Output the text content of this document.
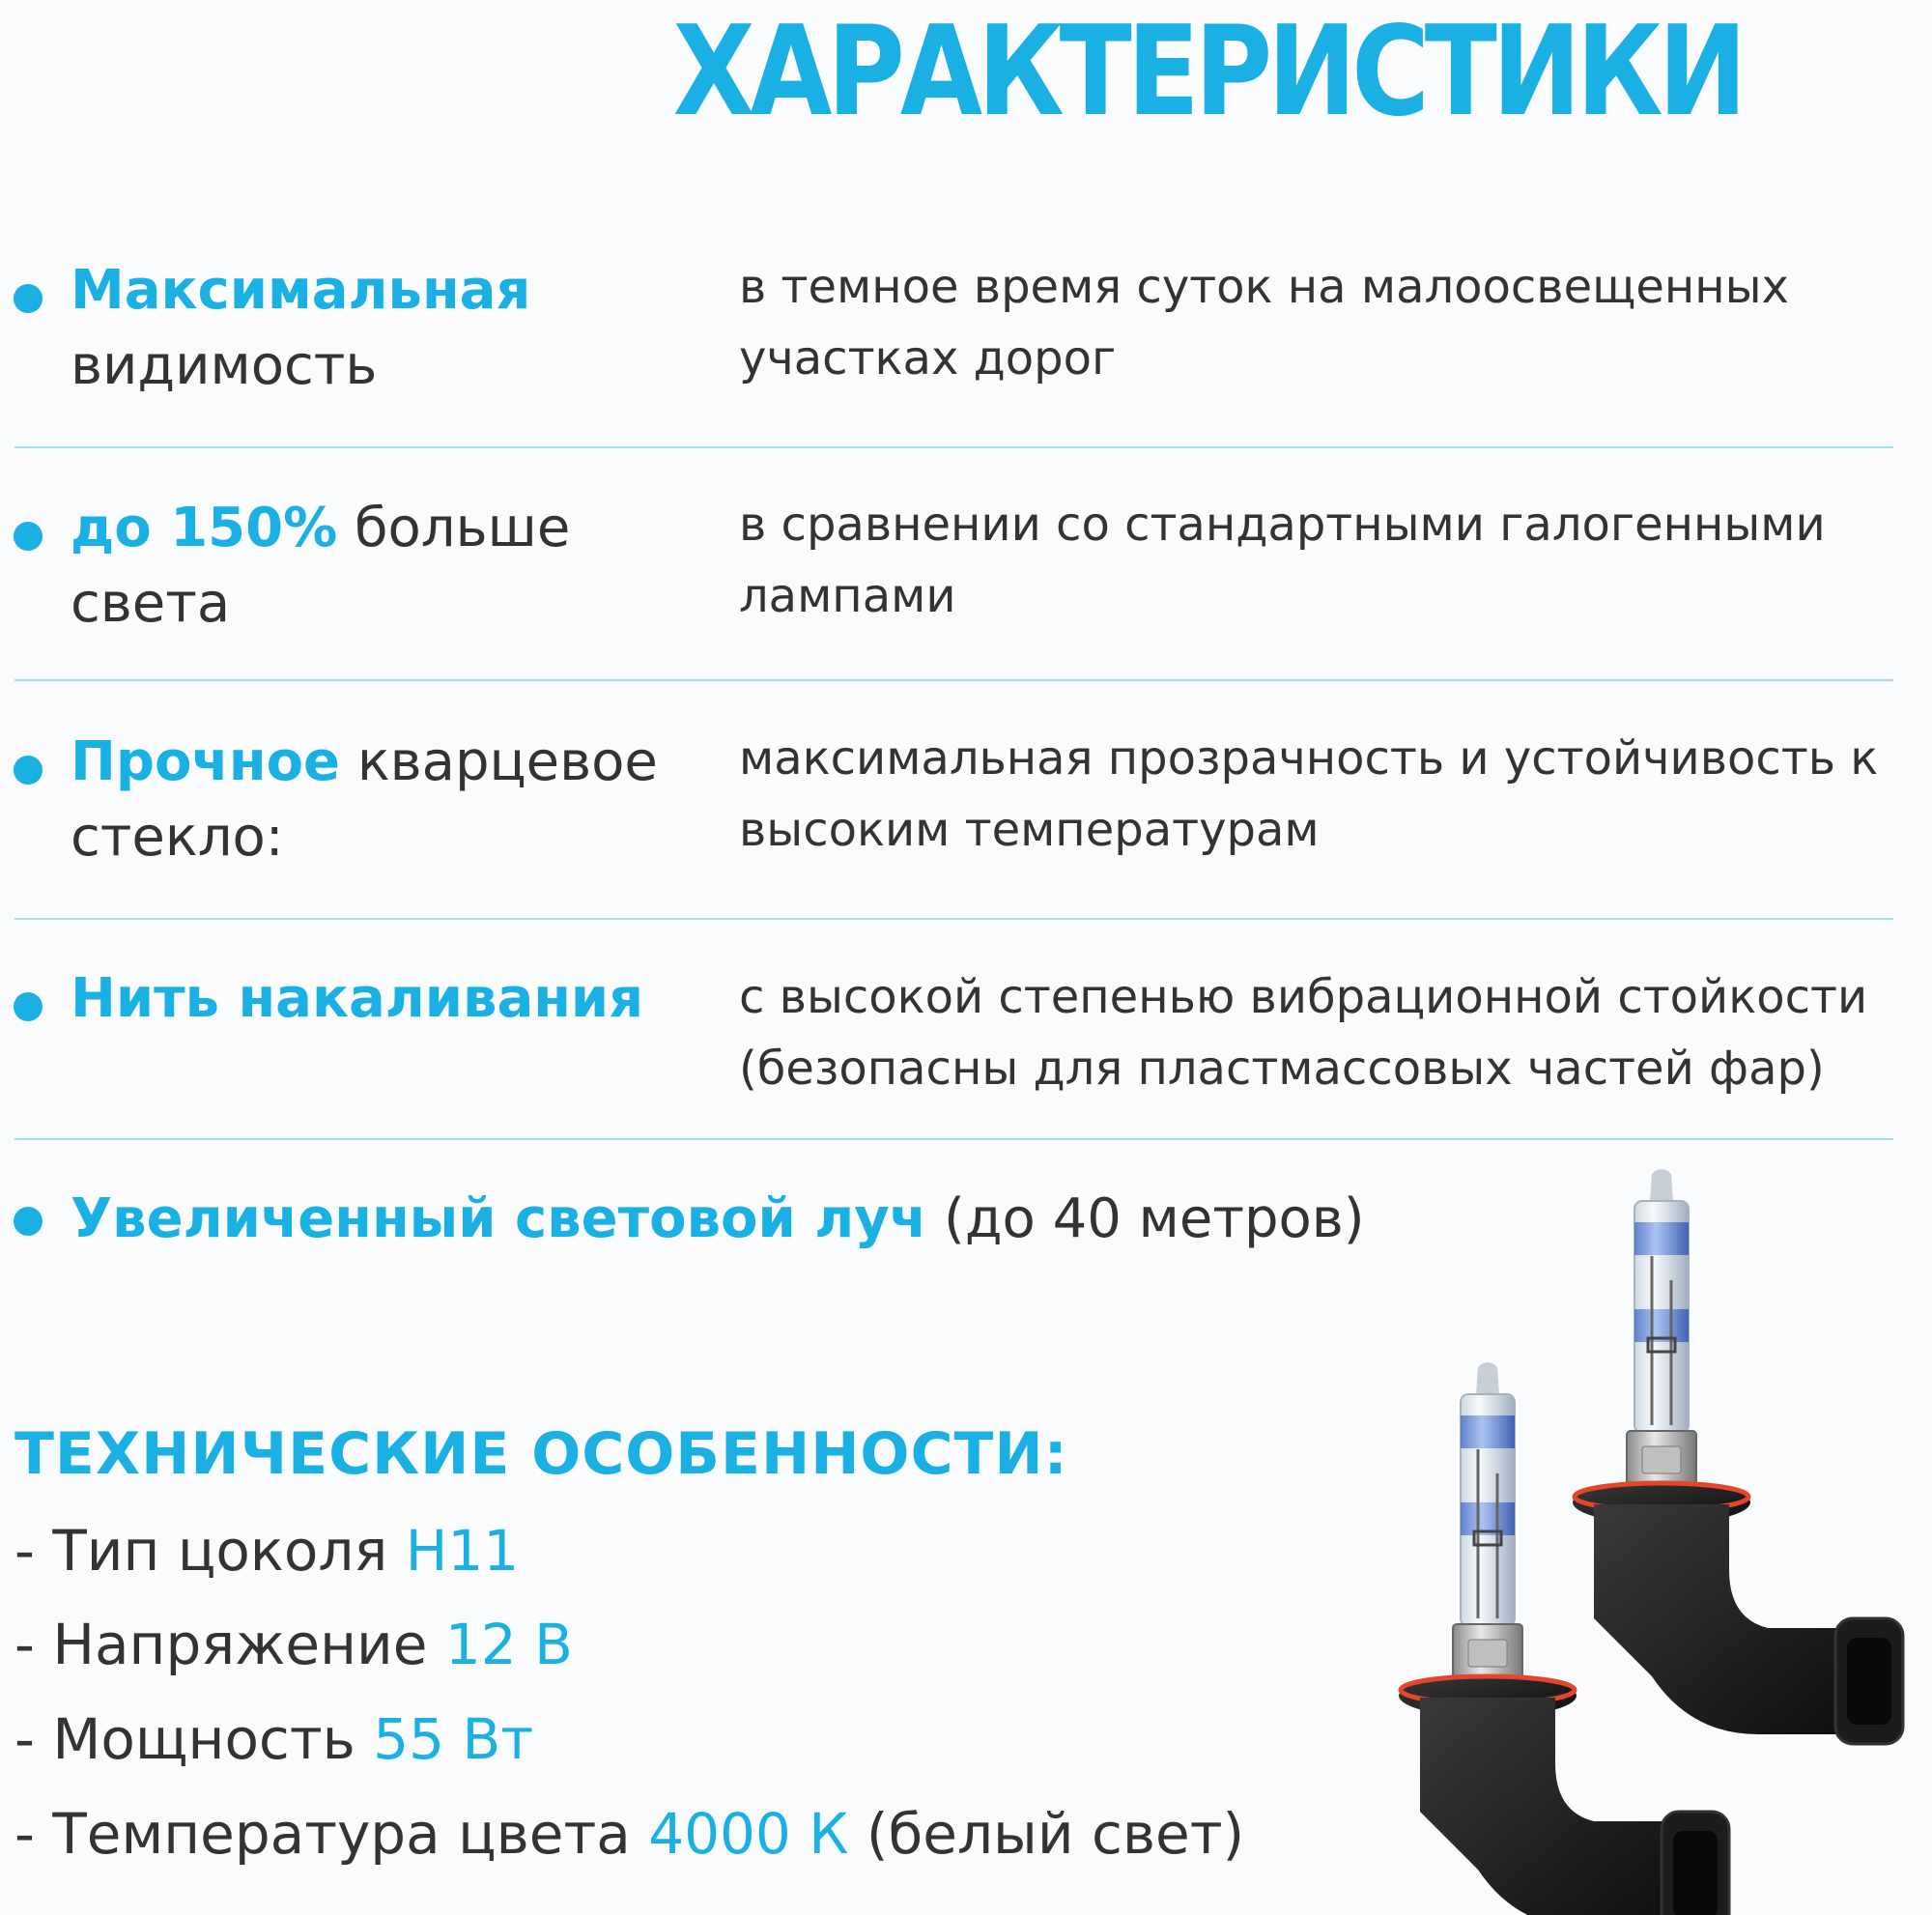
ХАРАКТЕРИСТИКИ
Максимальная видимость
в темное время суток на малоосвещенных участках дорог
до 150% больше света
в сравнении со стандартными галогенными лампами
Прочное кварцевое стекло:
максимальная прозрачность и устойчивость к высоким температурам
Нить накаливания	с высокой степенью вибрационной стойкости (безопасны для пластмассовых частей фар)
Увеличенный световой луч (до 40 метров)
ТЕХНИЧЕСКИЕ ОСОБЕННОСТИ:
- Тип цоколя H11
- Напряжение 12 В
- Мощность 55 Вт
- Температура цвета 4000 К (белый свет)
